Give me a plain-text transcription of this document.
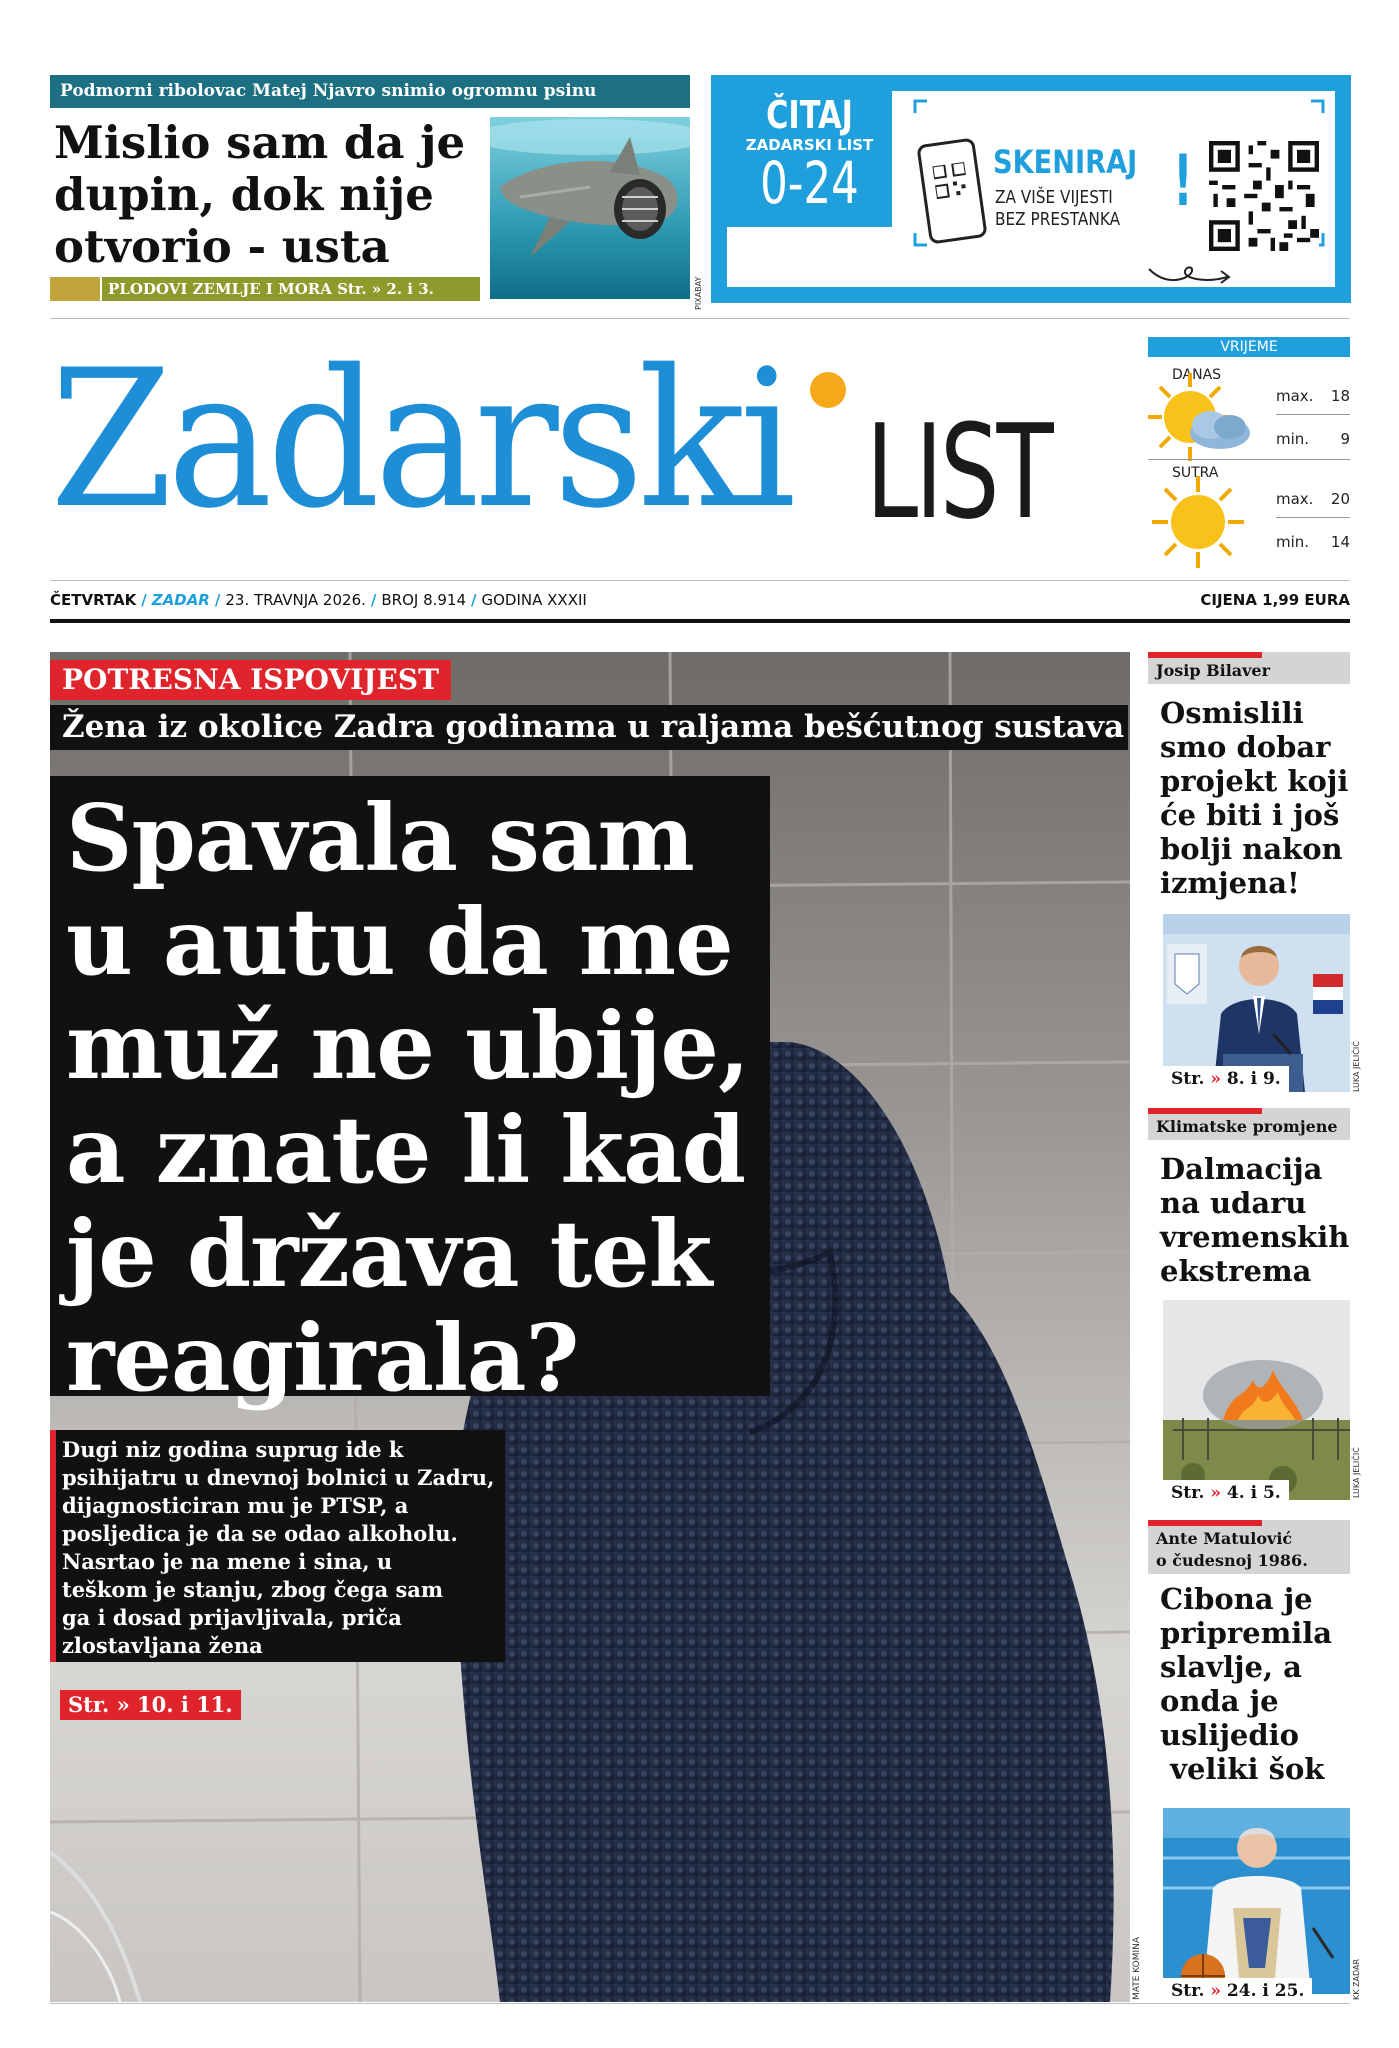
Podmorni ribolovac Matej Njavro snimio ogromnu psinu
Mislio sam da je
dupin, dok nije
otvorio - usta
PLODOVI ZEMLJE I MORA Str. » 2. i 3.	PIXABAY
ČITAJ
ZADARSKI LIST
0-24	SKENIRAJ
ZA VIŠE VIJESTI
BEZ PRESTANKA !
Zadarski LIST
VRIJEME
DANAS
max. 18
min. 9
SUTRA
max. 20
min. 14
ČETVRTAK / ZADAR / 23. TRAVNJA 2026. / BROJ 8.914 / GODINA XXXII	CIJENA 1,99 EURA
POTRESNA ISPOVIJEST
Žena iz okolice Zadra godinama u raljama bešćutnog sustava
Spavala sam
u autu da me
muž ne ubije,
a znate li kad
je država tek
reagirala?
Dugi niz godina suprug ide k
psihijatru u dnevnoj bolnici u Zadru,
dijagnosticiran mu je PTSP, a
posljedica je da se odao alkoholu.
Nasrtao je na mene i sina, u
teškom je stanju, zbog čega sam
ga i dosad prijavljivala, priča
zlostavljana žena
Str. » 10. i 11.
MATE KOMINA
Josip Bilaver
Osmislili
smo dobar
projekt koji
će biti i još
bolji nakon
izmjena!
Str. » 8. i 9.	LUKA JELIČIĆ
Klimatske promjene
Dalmacija
na udaru
vremenskih
ekstrema
Str. » 4. i 5.	LUKA JELIČIĆ
Ante Matulović
o čudesnoj 1986.
Cibona je
pripremila
slavlje, a
onda je
uslijedio
veliki šok
Str. » 24. i 25.	KK ZADAR
